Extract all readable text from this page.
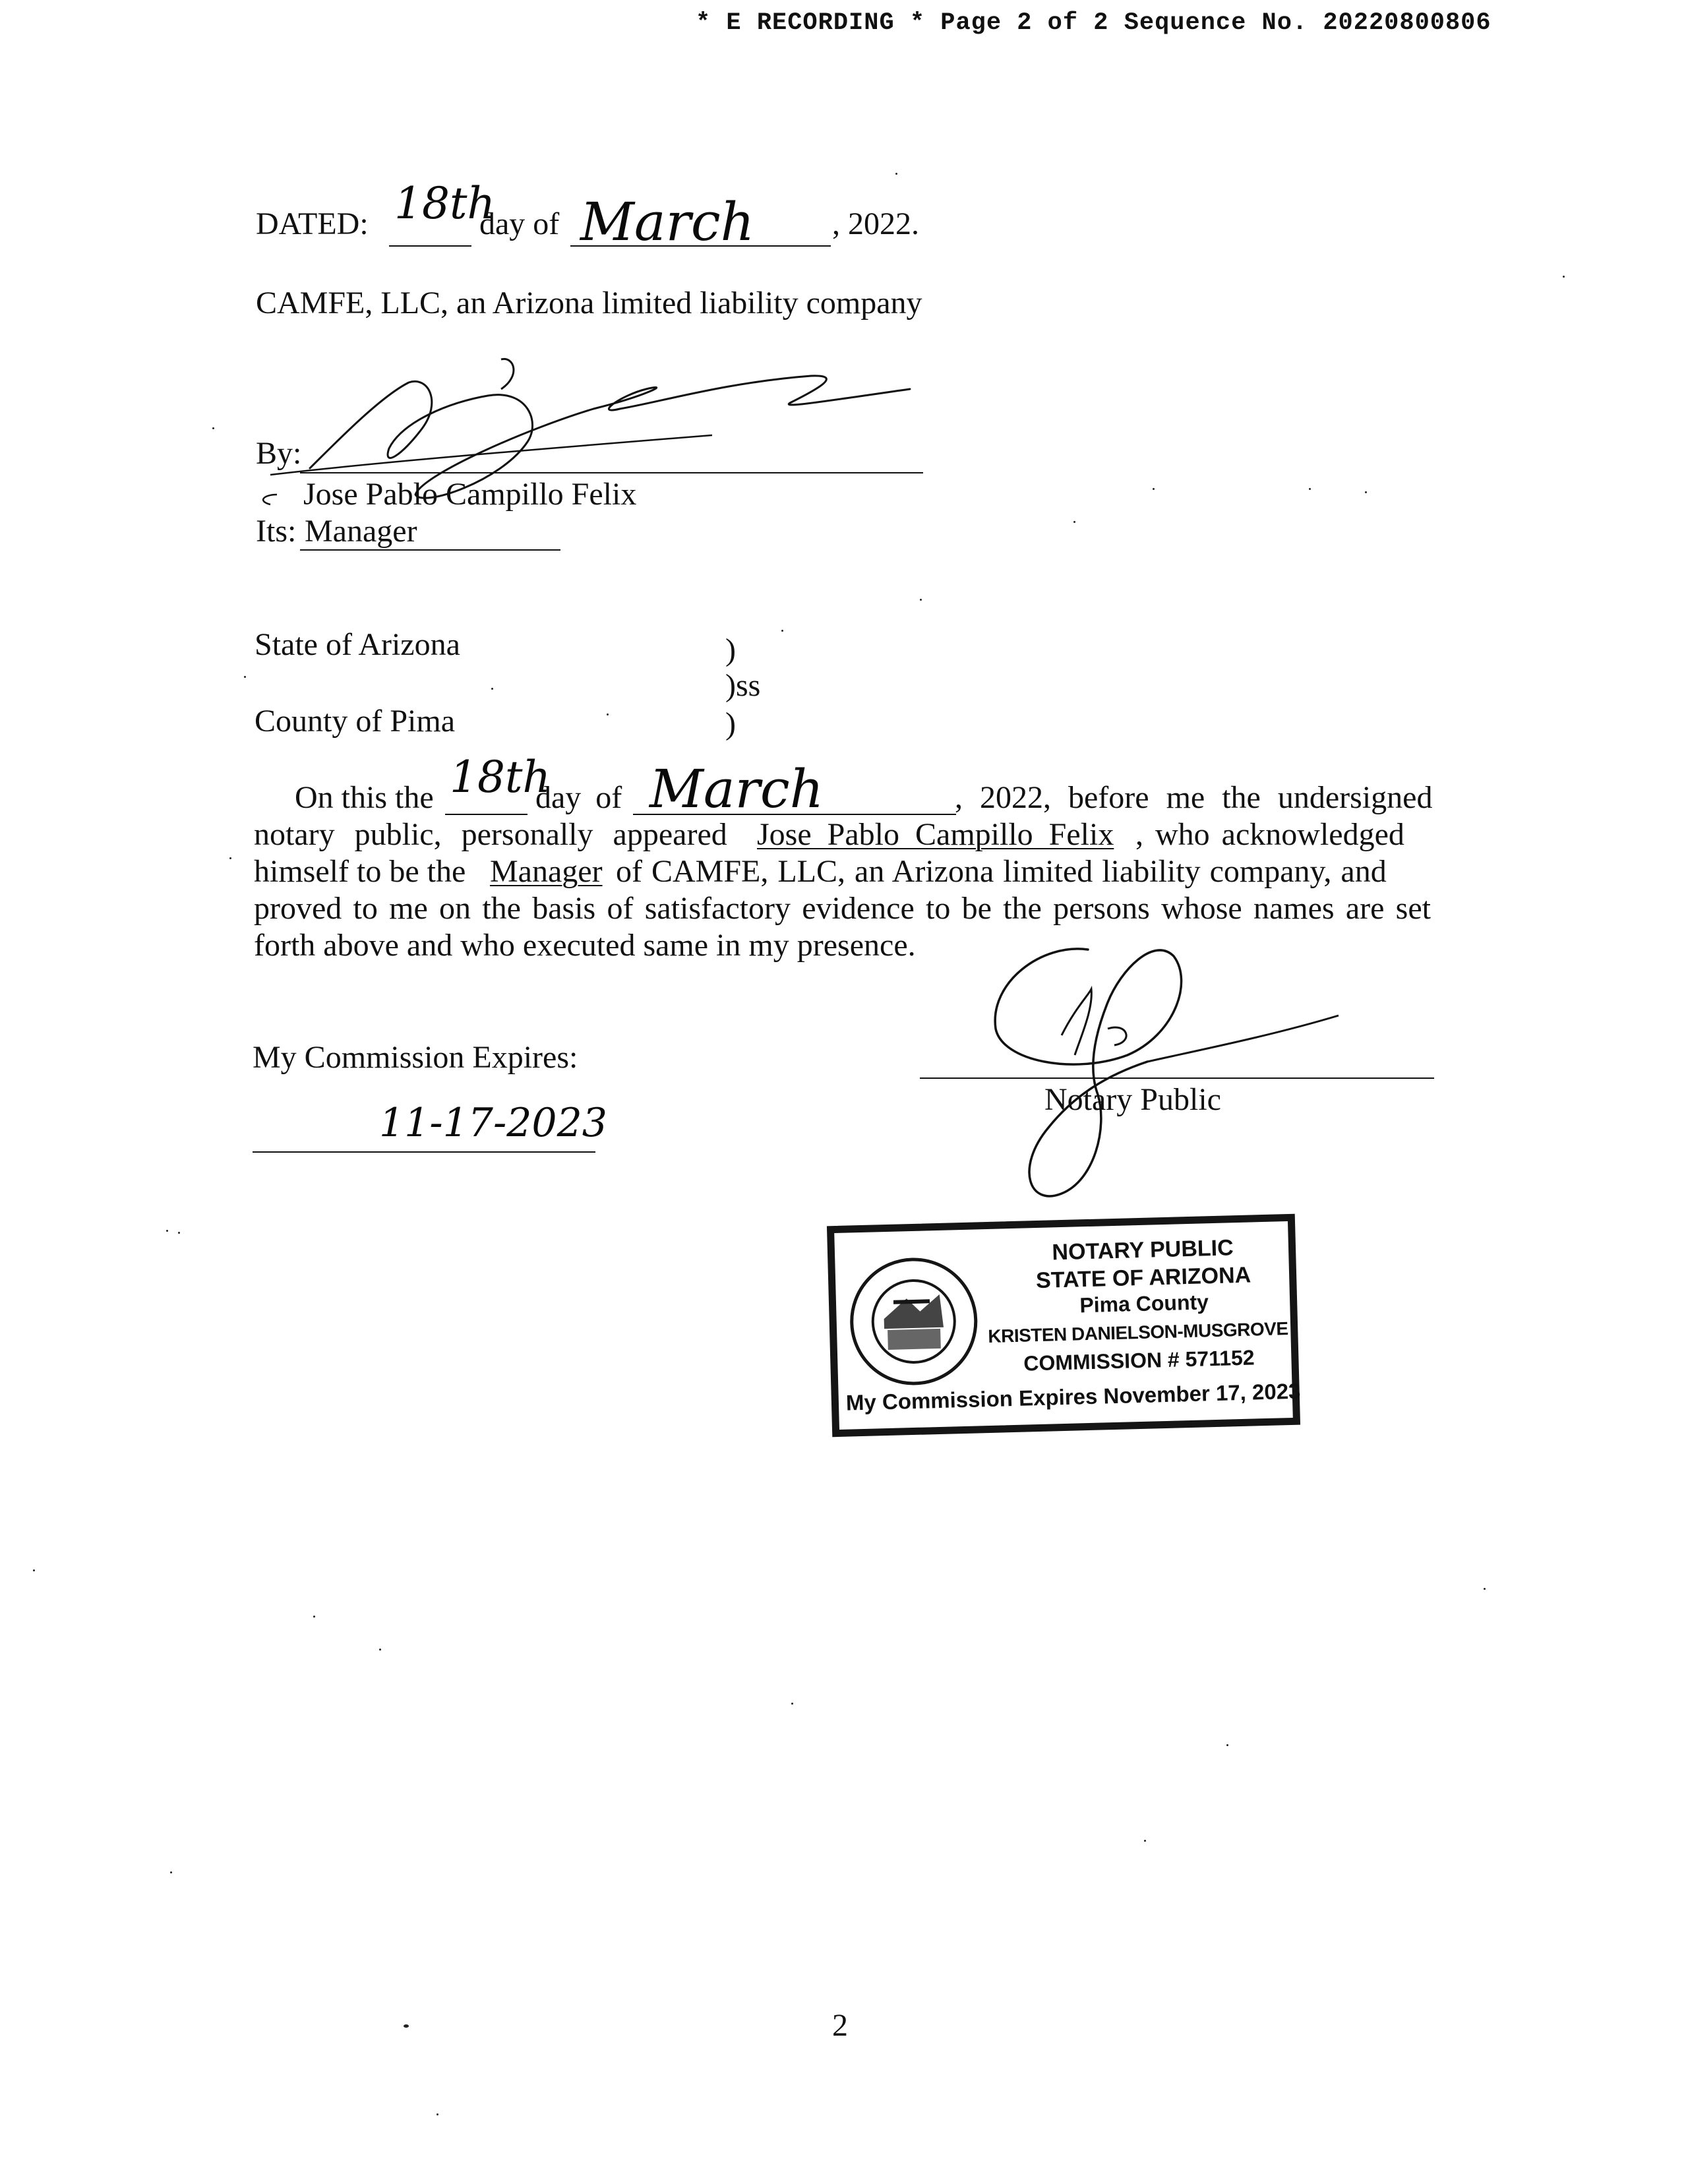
* E RECORDING * Page 2 of 2 Sequence No. 20220800806
DATED: 18th
day of March , 2022.
CAMFE, LLC, an Arizona limited liability company
By:
Jose Pablo Campillo Felix
Its: Manager
State of Arizona	)
)ss
County of Pima	)
On this the 18th
day of March	, 2022, before me the undersigned
notary public, personally appeared Jose Pablo Campillo Felix , who acknowledged
himself to be the Manager of CAMFE, LLC, an Arizona limited liability company, and
proved to me on the basis of satisfactory evidence to be the persons whose names are set
forth above and who executed same in my presence.
Notary Public
My Commission Expires:
11-17-2023
NOTARY PUBLIC
STATE OF ARIZONA
Pima County
KRISTEN DANIELSON-MUSGROVE
COMMISSION # 571152
My Commission Expires November 17, 2023
2
